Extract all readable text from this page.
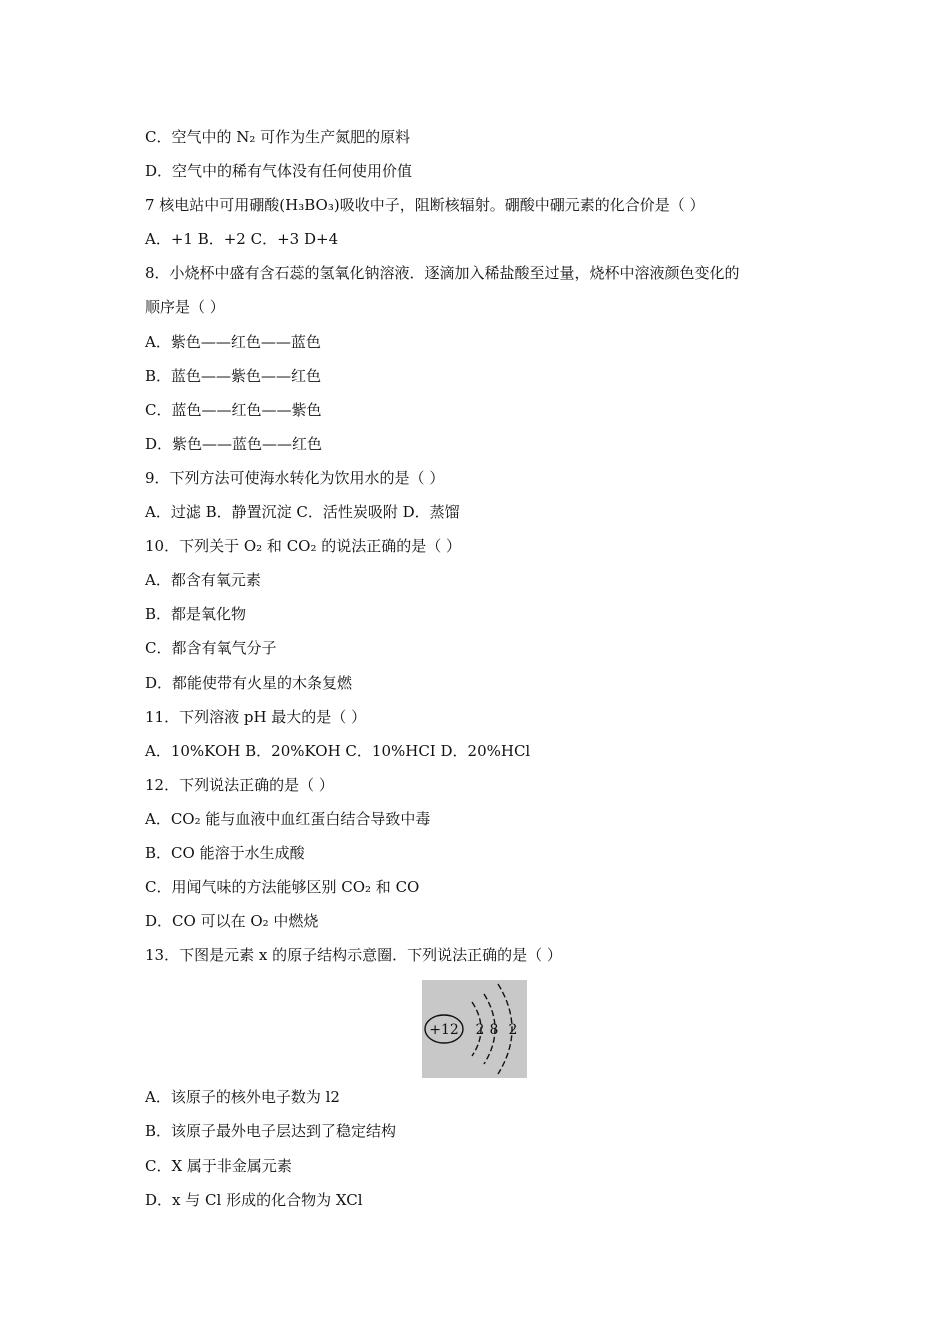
C．空气中的 N₂ 可作为生产氮肥的原料
D．空气中的稀有气体没有任何使用价值
7 核电站中可用硼酸(H₃BO₃)吸收中子，阻断核辐射。硼酸中硼元素的化合价是（ ）
A．+1 B．+2 C．+3 D+4
8．小烧杯中盛有含石蕊的氢氧化钠溶液．逐滴加入稀盐酸至过量，烧杯中溶液颜色变化的
顺序是（ ）
A．紫色——红色——蓝色
B．蓝色——紫色——红色
C．蓝色——红色——紫色
D．紫色——蓝色——红色
9．下列方法可使海水转化为饮用水的是（ ）
A．过滤 B．静置沉淀 C．活性炭吸附 D．蒸馏
10．下列关于 O₂ 和 CO₂ 的说法正确的是（ ）
A．都含有氧元素
B．都是氧化物
C．都含有氧气分子
D．都能使带有火星的木条复燃
11．下列溶液 pH 最大的是（ ）
A．10%KOH B．20%KOH C．10%HCI D．20%HCl
12．下列说法正确的是（ ）
A．CO₂ 能与血液中血红蛋白结合导致中毒
B．CO 能溶于水生成酸
C．用闻气味的方法能够区别 CO₂ 和 CO
D．CO 可以在 O₂ 中燃烧
13．下图是元素 x 的原子结构示意圈．下列说法正确的是（ ）
+12 2 8 2
A．该原子的核外电子数为 l2
B．该原子最外电子层达到了稳定结构
C．X 属于非金属元素
D．x 与 Cl 形成的化合物为 XCl
